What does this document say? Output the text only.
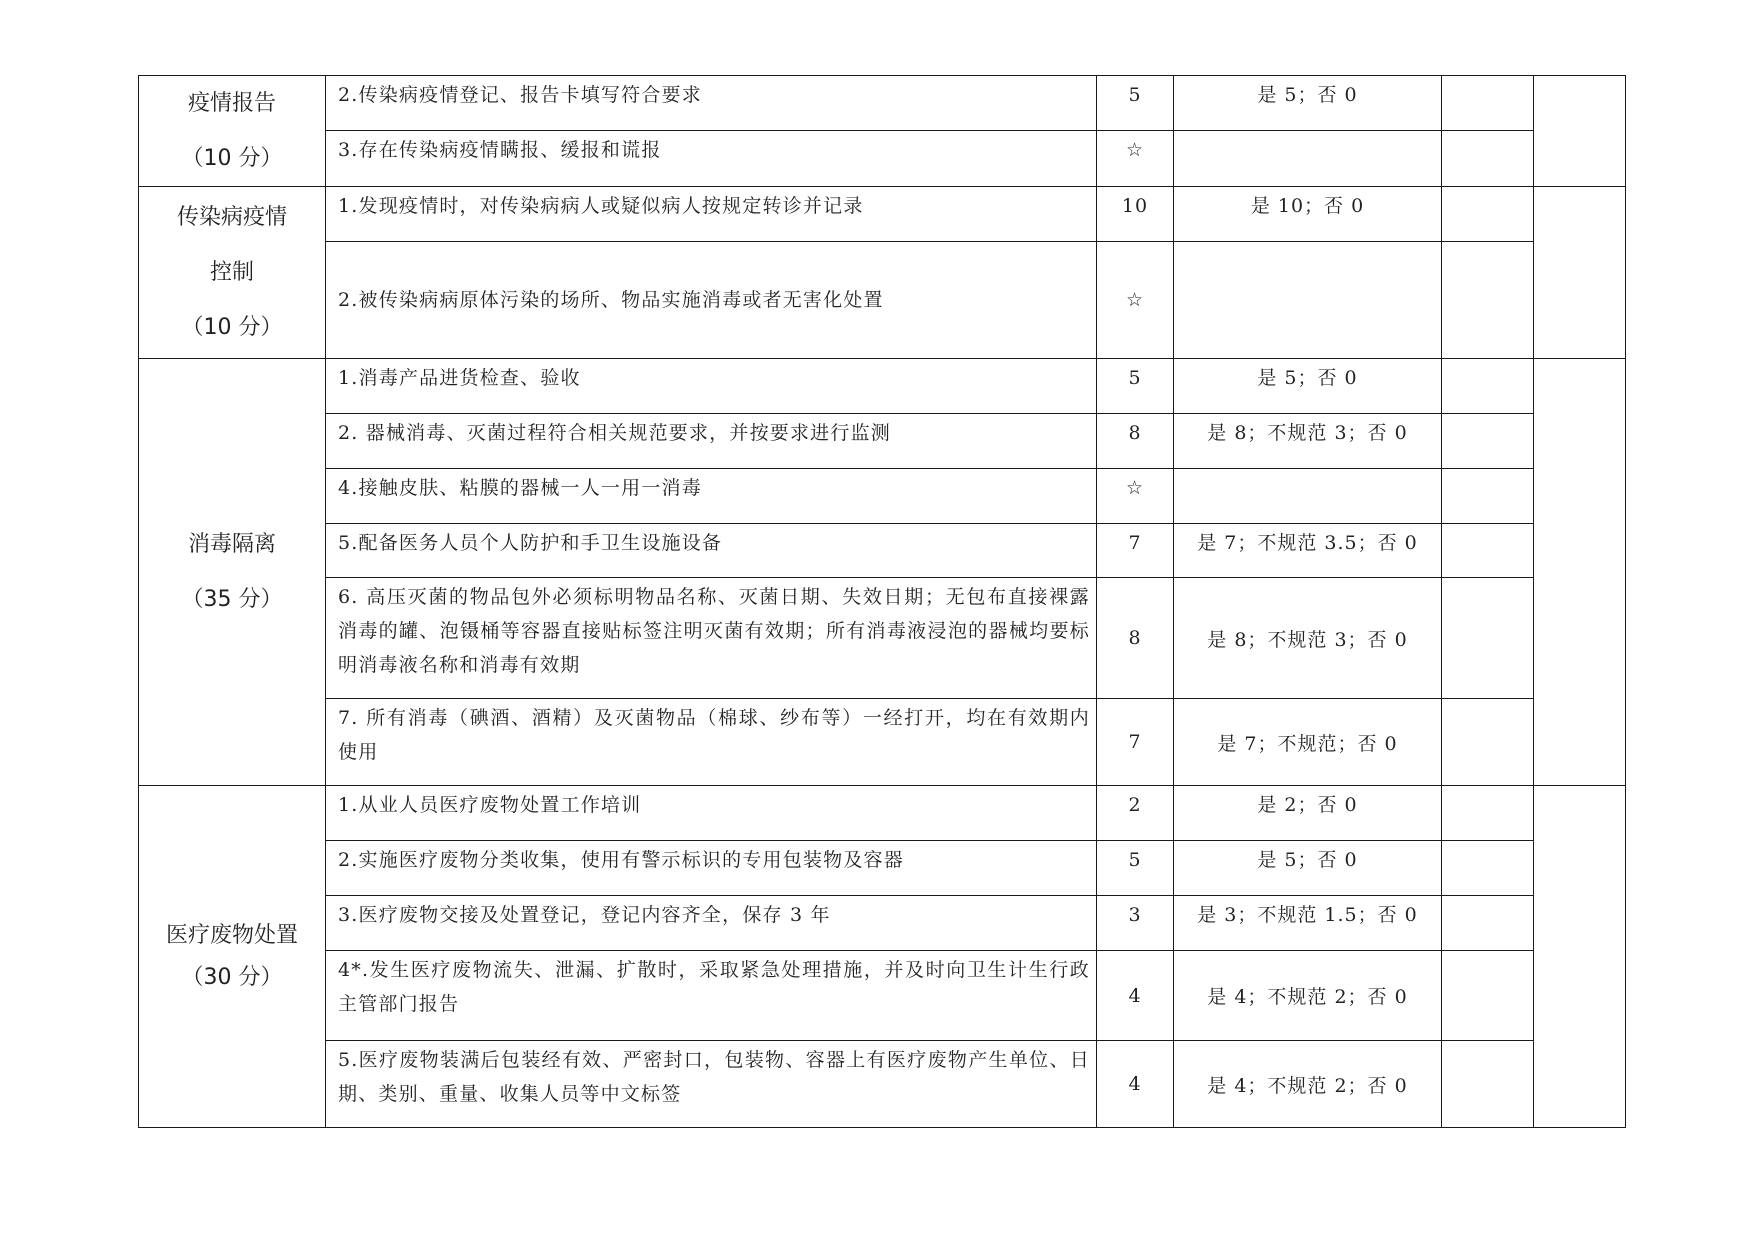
疫情报告
（10 分）	2.传染病疫情登记、报告卡填写符合要求	5	是 5；否 0		
	3.存在传染病疫情瞒报、缓报和谎报	☆			

传染病疫情
控制
（10 分）	1.发现疫情时，对传染病病人或疑似病人按规定转诊并记录	10	是 10；否 0		
	2.被传染病病原体污染的场所、物品实施消毒或者无害化处置	☆			

消毒隔离
（35 分）	1.消毒产品进货检查、验收	5	是 5；否 0		
	2. 器械消毒、灭菌过程符合相关规范要求，并按要求进行监测	8	是 8；不规范 3；否 0		
	4.接触皮肤、粘膜的器械一人一用一消毒	☆			
	5.配备医务人员个人防护和手卫生设施设备	7	是 7；不规范 3.5；否 0		
	6. 高压灭菌的物品包外必须标明物品名称、灭菌日期、失效日期；无包布直接裸露消毒的罐、泡镊桶等容器直接贴标签注明灭菌有效期；所有消毒液浸泡的器械均要标明消毒液名称和消毒有效期	8	是 8；不规范 3；否 0		
	7. 所有消毒（碘酒、酒精）及灭菌物品（棉球、纱布等）一经打开，均在有效期内使用	7	是 7；不规范；否 0		

医疗废物处置
（30 分）	1.从业人员医疗废物处置工作培训	2	是 2；否 0		
	2.实施医疗废物分类收集，使用有警示标识的专用包装物及容器	5	是 5；否 0		
	3.医疗废物交接及处置登记，登记内容齐全，保存 3 年	3	是 3；不规范 1.5；否 0		
	4*.发生医疗废物流失、泄漏、扩散时，采取紧急处理措施，并及时向卫生计生行政主管部门报告	4	是 4；不规范 2；否 0		
	5.医疗废物装满后包装经有效、严密封口，包装物、容器上有医疗废物产生单位、日期、类别、重量、收集人员等中文标签	4	是 4；不规范 2；否 0		
